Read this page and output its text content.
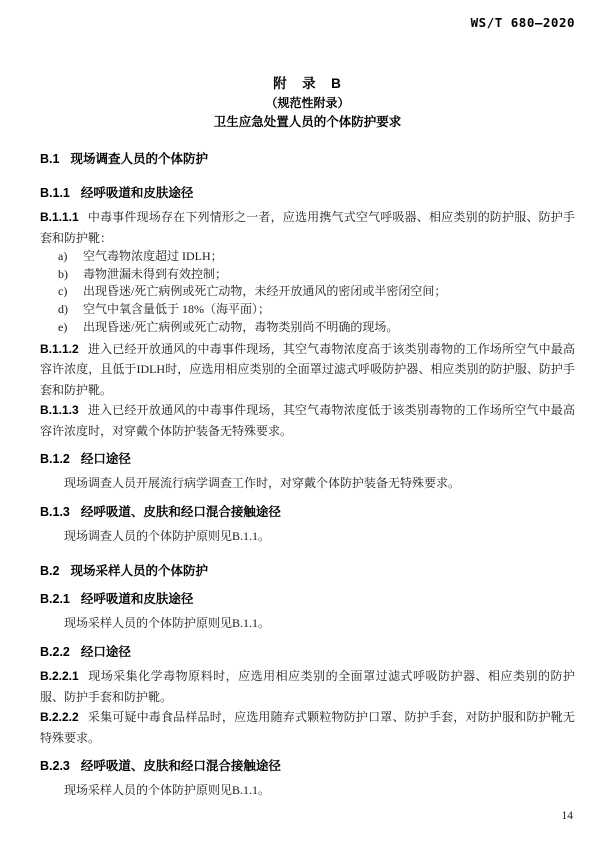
WS/T 680—2020
附　录　B
（规范性附录）
卫生应急处置人员的个体防护要求
B.1 现场调查人员的个体防护
B.1.1 经呼吸道和皮肤途径

B.1.1.1 中毒事件现场存在下列情形之一者，应选用携气式空气呼吸器、相应类别的防护服、防护手套和防护靴：

a)	空气毒物浓度超过 IDLH；
b)	毒物泄漏未得到有效控制；
c)	出现昏迷/死亡病例或死亡动物，未经开放通风的密闭或半密闭空间；
d)	空气中氧含量低于 18%（海平面）；
e)	出现昏迷/死亡病例或死亡动物，毒物类别尚不明确的现场。

B.1.1.2 进入已经开放通风的中毒事件现场，其空气毒物浓度高于该类别毒物的工作场所空气中最高容许浓度，且低于IDLH时，应选用相应类别的全面罩过滤式呼吸防护器、相应类别的防护服、防护手套和防护靴。

B.1.1.3 进入已经开放通风的中毒事件现场，其空气毒物浓度低于该类别毒物的工作场所空气中最高容许浓度时，对穿戴个体防护装备无特殊要求。

B.1.2 经口途径

现场调查人员开展流行病学调查工作时，对穿戴个体防护装备无特殊要求。

B.1.3 经呼吸道、皮肤和经口混合接触途径

现场调查人员的个体防护原则见B.1.1。

B.2 现场采样人员的个体防护
B.2.1 经呼吸道和皮肤途径

现场采样人员的个体防护原则见B.1.1。

B.2.2 经口途径

B.2.2.1 现场采集化学毒物原料时，应选用相应类别的全面罩过滤式呼吸防护器、相应类别的防护服、防护手套和防护靴。

B.2.2.2 采集可疑中毒食品样品时，应选用随弃式颗粒物防护口罩、防护手套，对防护服和防护靴无特殊要求。

B.2.3 经呼吸道、皮肤和经口混合接触途径

现场采样人员的个体防护原则见B.1.1。

14
